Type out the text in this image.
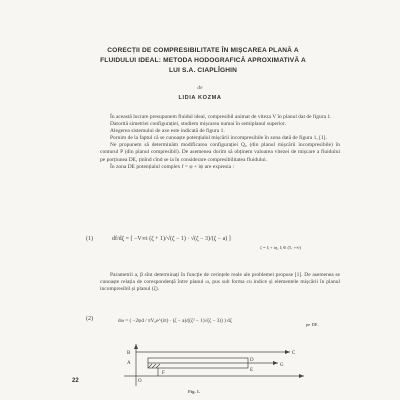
CORECȚII DE COMPRESIBILITATE ÎN MIȘCAREA PLANĂ A
FLUIDULUI IDEAL: METODA HODOGRAFICĂ APROXIMATIVĂ A
LUI S.A. CIAPLÎGHIN
de
LIDIA KOZMA

În această lucrare presupunem fluidul ideal, compresibil animat de viteza V în planul dat de figura 1.

Datorită simetriei configurației, studiem mișcarea numai în semiplanul superior.

Alegerea sistemului de axe este indicată de figura 1.

Pornim de la faptul că se cunoaște potențialul mișcării incompresibile în zona dată de figura 1, [1].

Ne propunem să determinăm modificarea configurației Q₀ (din planul mișcării incompresibile) în conturul P (din planul compresibil). De asemenea dorim să obținem valoarea vitezei de mișcare a fluidului pe porțiunea DE, ținînd cînd se ia în considerare compresibilitatea fluidului.

În zona DE potențialul complex f = φ + iψ are expresia :

(1)	df/dζ = [ −V∞i (ζ + 1)/√(ζ − 1) · √(ζ − 3)/(ζ − a) ]
ζ = ξ + iη, ξ ∈ (5, +∞)

Parametrii a, β sînt determinați în funcție de cerințele reale ale problemei propuse [1]. De asemenea se cunoaște relația de corespondență între planul ω, pus sub forma cu indice și elementele mișcării în planul incompresibil și planul (ζ).

(2)	dω = ( −2ψd / πV₀e^(iπ) · (ζ − a)/((ζ² − 1)√(ζ − 3)) ) dζ
pe DE.
B
A
C
D
E
O
F
G
Fig. 1.
22
